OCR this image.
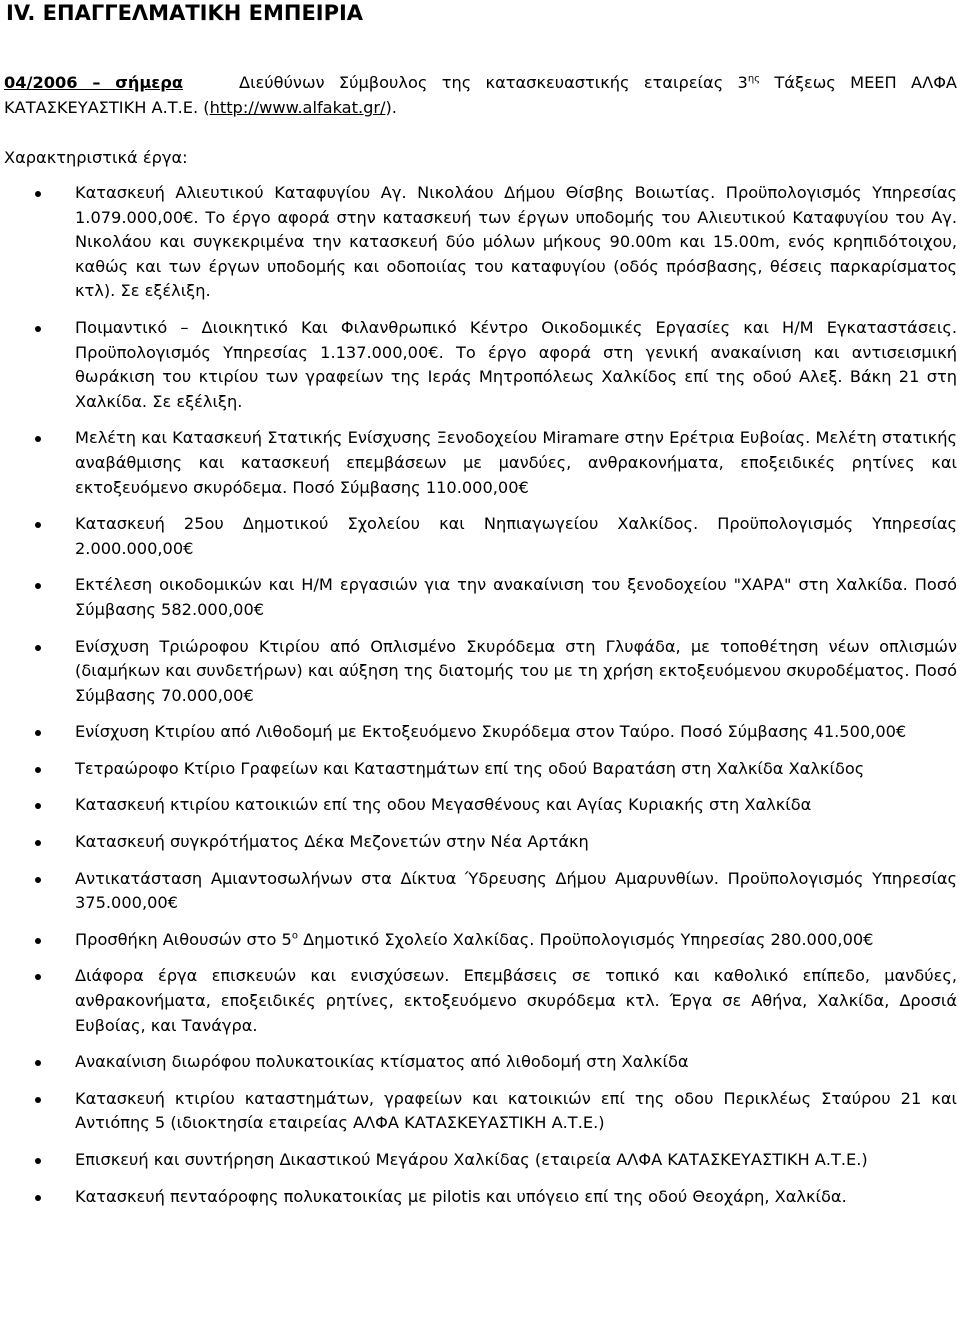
IV. ΕΠΑΓΓΕΛΜΑΤΙΚΗ ΕΜΠΕΙΡΙΑ

04/2006 – σήμερα	Διεύθύνων Σύμβουλος της κατασκευαστικής εταιρείας $3^{\eta\varsigma}$ Τάξεως ΜΕΕΠ ΑΛΦΑ ΚΑΤΑΣΚΕΥΑΣΤΙΚΗ Α.Τ.Ε. (http://www.alfakat.gr/).

Χαρακτηριστικά έργα:

Κατασκευή Αλιευτικού Καταφυγίου Αγ. Νικολάου Δήμου Θίσβης Βοιωτίας. Προϋπολογισμός Υπηρεσίας 1.079.000,00€. Το έργο αφορά στην κατασκευή των έργων υποδομής του Αλιευτικού Καταφυγίου του Αγ. Νικολάου και συγκεκριμένα την κατασκευή δύο μόλων μήκους 90.00m και 15.00m, ενός κρηπιδότοιχου, καθώς και των έργων υποδομής και οδοποιίας του καταφυγίου (οδός πρόσβασης, θέσεις παρκαρίσματος κτλ). Σε εξέλιξη.
Ποιμαντικό – Διοικητικό Και Φιλανθρωπικό Κέντρο Οικοδομικές Εργασίες και Η/Μ Εγκαταστάσεις. Προϋπολογισμός Υπηρεσίας 1.137.000,00€. Το έργο αφορά στη γενική ανακαίνιση και αντισεισμική θωράκιση του κτιρίου των γραφείων της Ιεράς Μητροπόλεως Χαλκίδος επί της οδού Αλεξ. Βάκη 21 στη Χαλκίδα. Σε εξέλιξη.
Μελέτη και Κατασκευή Στατικής Ενίσχυσης Ξενοδοχείου Miramare στην Ερέτρια Ευβοίας. Μελέτη στατικής αναβάθμισης και κατασκευή επεμβάσεων με μανδύες, ανθρακονήματα, εποξειδικές ρητίνες και εκτοξευόμενο σκυρόδεμα. Ποσό Σύμβασης 110.000,00€
Κατασκευή 25ου Δημοτικού Σχολείου και Νηπιαγωγείου Χαλκίδος. Προϋπολογισμός Υπηρεσίας 2.000.000,00€
Εκτέλεση οικοδομικών και Η/Μ εργασιών για την ανακαίνιση του ξενοδοχείου "ΧΑΡΑ" στη Χαλκίδα. Ποσό Σύμβασης 582.000,00€
Ενίσχυση Τριώροφου Κτιρίου από Οπλισμένο Σκυρόδεμα στη Γλυφάδα, με τοποθέτηση νέων οπλισμών (διαμήκων και συνδετήρων) και αύξηση της διατομής του με τη χρήση εκτοξευόμενου σκυροδέματος. Ποσό Σύμβασης 70.000,00€
Ενίσχυση Κτιρίου από Λιθοδομή με Εκτοξευόμενο Σκυρόδεμα στον Ταύρο. Ποσό Σύμβασης 41.500,00€
Τετραώροφο Κτίριο Γραφείων και Καταστημάτων επί της οδού Βαρατάση στη Χαλκίδα Χαλκίδος
Κατασκευή κτιρίου κατοικιών επί της οδου Μεγασθένους και Αγίας Κυριακής στη Χαλκίδα
Κατασκευή συγκρότήματος Δέκα Μεζονετών στην Νέα Αρτάκη
Αντικατάσταση Αμιαντοσωλήνων στα Δίκτυα Ύδρευσης Δήμου Αμαρυνθίων. Προϋπολογισμός Υπηρεσίας 375.000,00€
Προσθήκη Αιθουσών στο $5^o$ Δημοτικό Σχολείο Χαλκίδας. Προϋπολογισμός Υπηρεσίας 280.000,00€
Διάφορα έργα επισκευών και ενισχύσεων. Επεμβάσεις σε τοπικό και καθολικό επίπεδο, μανδύες, ανθρακονήματα, εποξειδικές ρητίνες, εκτοξευόμενο σκυρόδεμα κτλ. Έργα σε Αθήνα, Χαλκίδα, Δροσιά Ευβοίας, και Τανάγρα.
Ανακαίνιση διωρόφου πολυκατοικίας κτίσματος από λιθοδομή στη Χαλκίδα
Κατασκευή κτιρίου καταστημάτων, γραφείων και κατοικιών επί της οδου Περικλέως Σταύρου 21 και Αντιόπης 5 (ιδιοκτησία εταιρείας ΑΛΦΑ ΚΑΤΑΣΚΕΥΑΣΤΙΚΗ Α.Τ.Ε.)
Επισκευή και συντήρηση Δικαστικού Μεγάρου Χαλκίδας (εταιρεία ΑΛΦΑ ΚΑΤΑΣΚΕΥΑΣΤΙΚΗ Α.Τ.Ε.)
Κατασκευή πενταόροφης πολυκατοικίας με pilotis και υπόγειο επί της οδού Θεοχάρη, Χαλκίδα.
